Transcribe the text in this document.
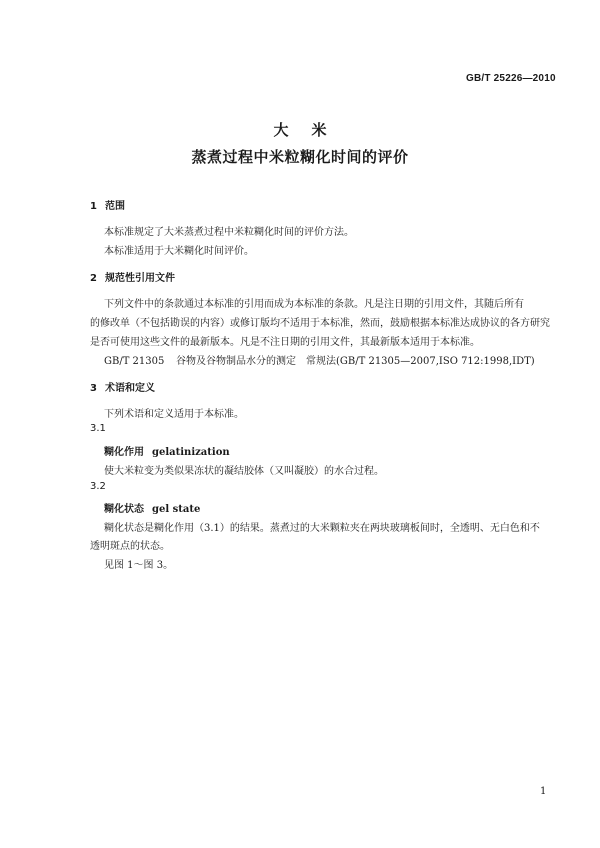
GB/T 25226—2010
大米
蒸煮过程中米粒糊化时间的评价
1 范围
本标准规定了大米蒸煮过程中米粒糊化时间的评价方法。
本标准适用于大米糊化时间评价。
2 规范性引用文件
下列文件中的条款通过本标准的引用而成为本标准的条款。凡是注日期的引用文件，其随后所有
的修改单（不包括勘误的内容）或修订版均不适用于本标准，然而，鼓励根据本标准达成协议的各方研究
是否可使用这些文件的最新版本。凡是不注日期的引用文件，其最新版本适用于本标准。
GB/T 21305 谷物及谷物制品水分的测定 常规法(GB/T 21305—2007,ISO 712:1998,IDT)
3 术语和定义
下列术语和定义适用于本标准。
3.1
糊化作用 gelatinization
使大米粒变为类似果冻状的凝结胶体（又叫凝胶）的水合过程。
3.2
糊化状态 gel state
糊化状态是糊化作用（3.1）的结果。蒸煮过的大米颗粒夹在两块玻璃板间时，全透明、无白色和不
透明斑点的状态。
见图 1～图 3。
1
